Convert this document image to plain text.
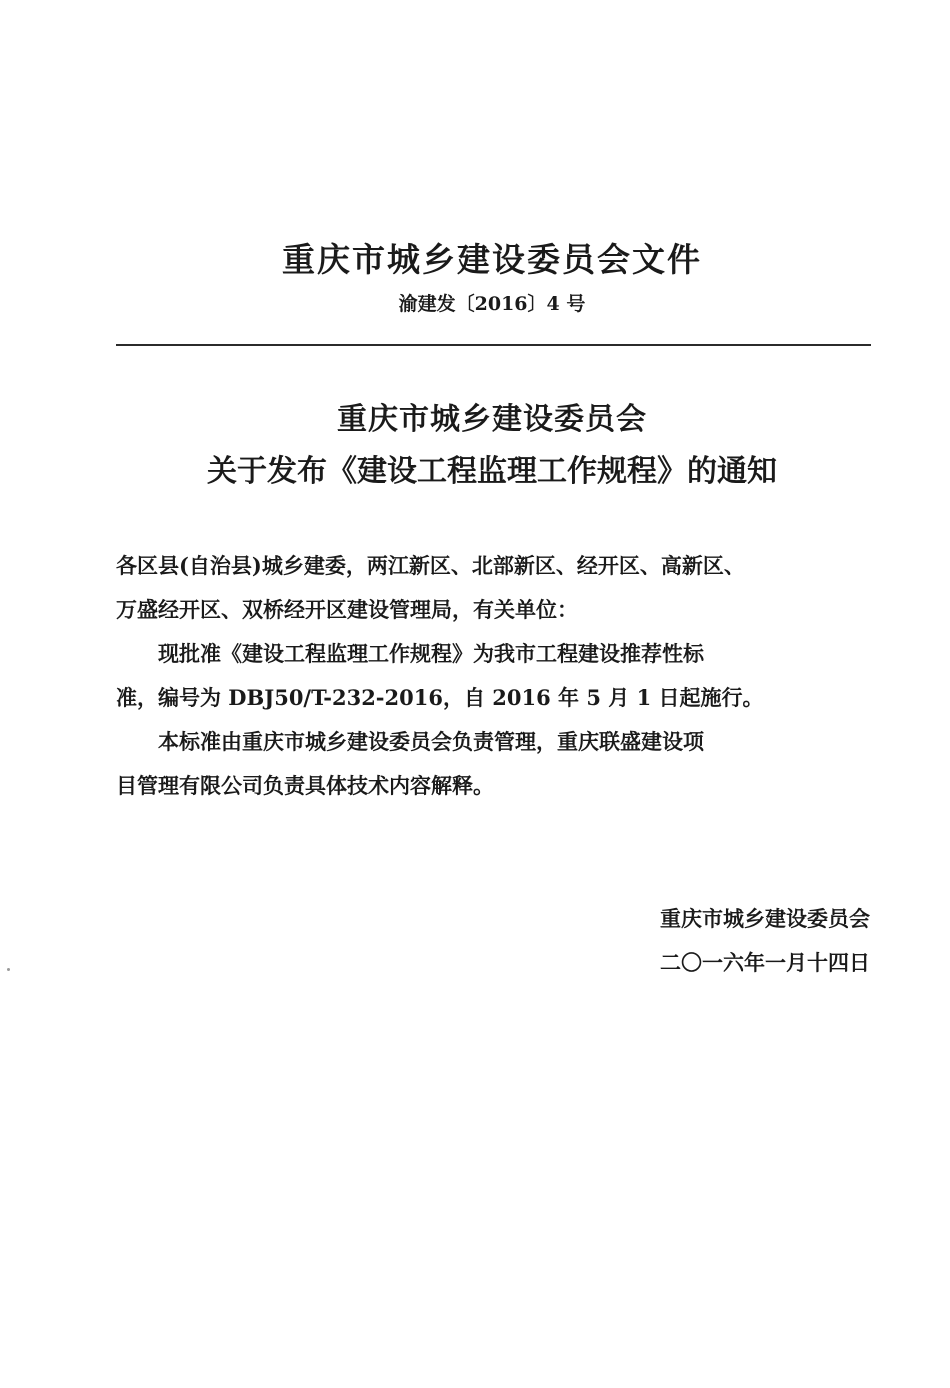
重庆市城乡建设委员会文件
渝建发〔2016〕4 号
重庆市城乡建设委员会
关于发布《建设工程监理工作规程》的通知
各区县(自治县)城乡建委，两江新区、北部新区、经开区、高新区、
万盛经开区、双桥经开区建设管理局，有关单位：
现批准《建设工程监理工作规程》为我市工程建设推荐性标
准，编号为 DBJ50/T-232-2016，自 2016 年 5 月 1 日起施行。
本标准由重庆市城乡建设委员会负责管理，重庆联盛建设项
目管理有限公司负责具体技术内容解释。
重庆市城乡建设委员会
二〇一六年一月十四日
